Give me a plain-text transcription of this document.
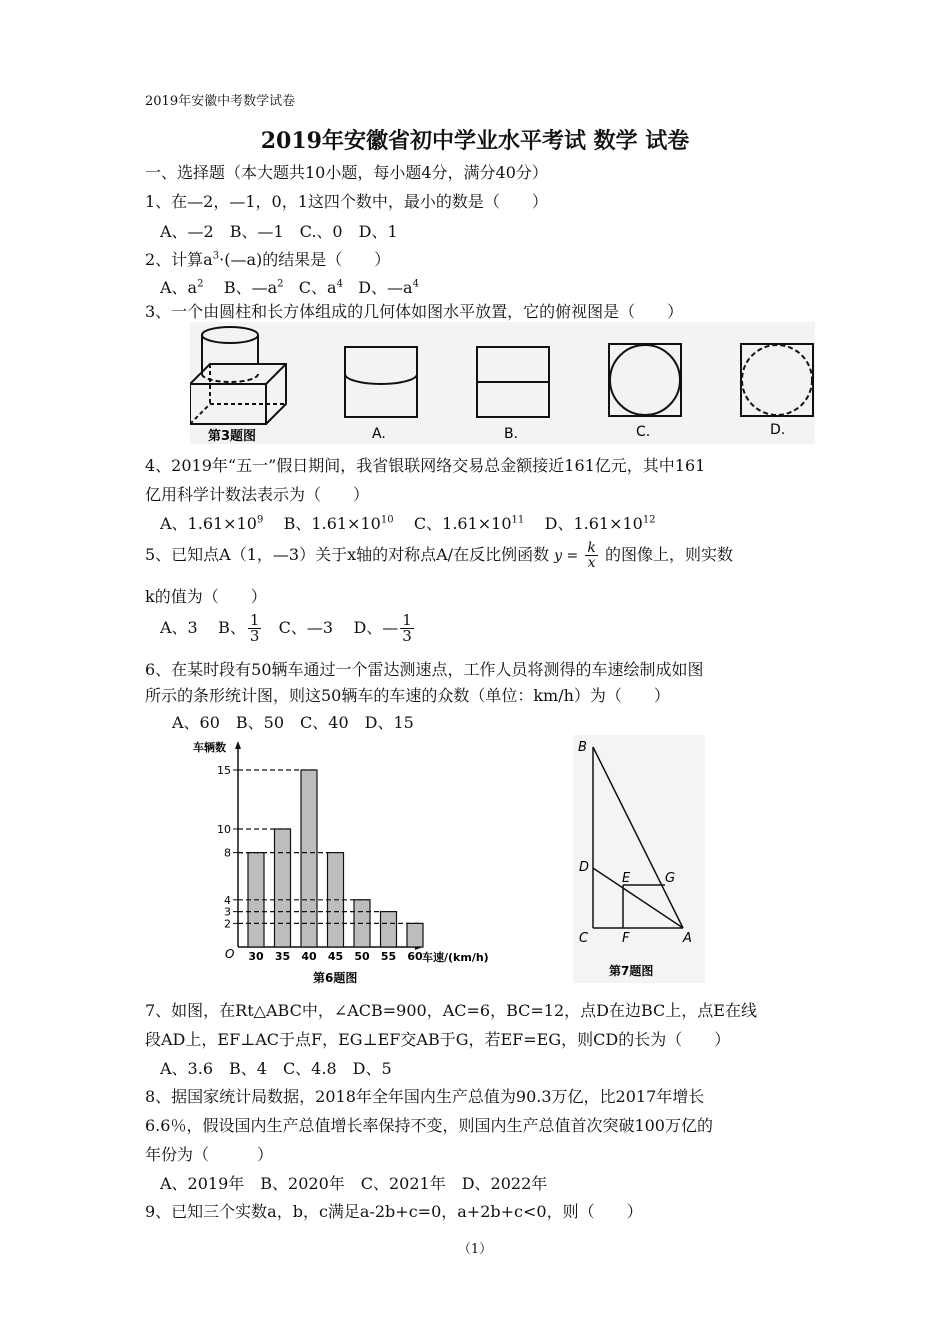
2019年安徽中考数学试卷
2019年安徽省初中学业水平考试 数学 试卷
一、选择题（本大题共10小题，每小题4分，满分40分）
1、在—2，—1，0，1这四个数中，最小的数是（　　）
A、—2　B、—1　C.、0　D、1
2、计算$a^3\cdot(—a)$的结果是（　　）
A、$a^2$ B、$—a^2$ C、$a^4$ D、$—a^4$
3、一个由圆柱和长方体组成的几何体如图水平放置，它的俯视图是（　　）
第3题图	A.	B.	C.	D.
4、2019年“五一”假日期间，我省银联网络交易总金额接近161亿元，其中161
亿用科学计数法表示为（　　）
A、$1.61\times 10^9$ B、$1.61\times 10^{10}$ C、$1.61\times 10^{11}$ D、$1.61\times 10^{12}$
5、已知点A（1，—3）关于x轴的对称点A/在反比例函数 $y = \frac{k}{x}$ 的图像上，则实数
k的值为（　　）
A、3 B、 $\frac{1}{3}$ C、—3 D、— $\frac{1}{3}$
6、在某时段有50辆车通过一个雷达测速点，工作人员将测得的车速绘制成如图
所示的条形统计图，则这50辆车的车速的众数（单位：km/h）为（　　）
A、60　B、50　C、40　D、15
车辆数
车速/(km/h)
第6题图
O
2
3
4
8
10
15
30 35 40 45 50 55 60
B
D
E	G
C	F	A
第7题图
7、如图，在Rt△ABC中，∠ACB=900，AC=6，BC=12，点D在边BC上，点E在线
段AD上，EF⊥AC于点F，EG⊥EF交AB于G，若EF=EG，则CD的长为（　　）
A、3.6　B、4　C、4.8　D、5
8、据国家统计局数据，2018年全年国内生产总值为90.3万亿，比2017年增长
6.6％，假设国内生产总值增长率保持不变，则国内生产总值首次突破100万亿的
年份为（　　　）
A、2019年　B、2020年　C、2021年　D、2022年
9、已知三个实数a，b，c满足a-2b+c=0，a+2b+c<0，则（　　）
（1）
